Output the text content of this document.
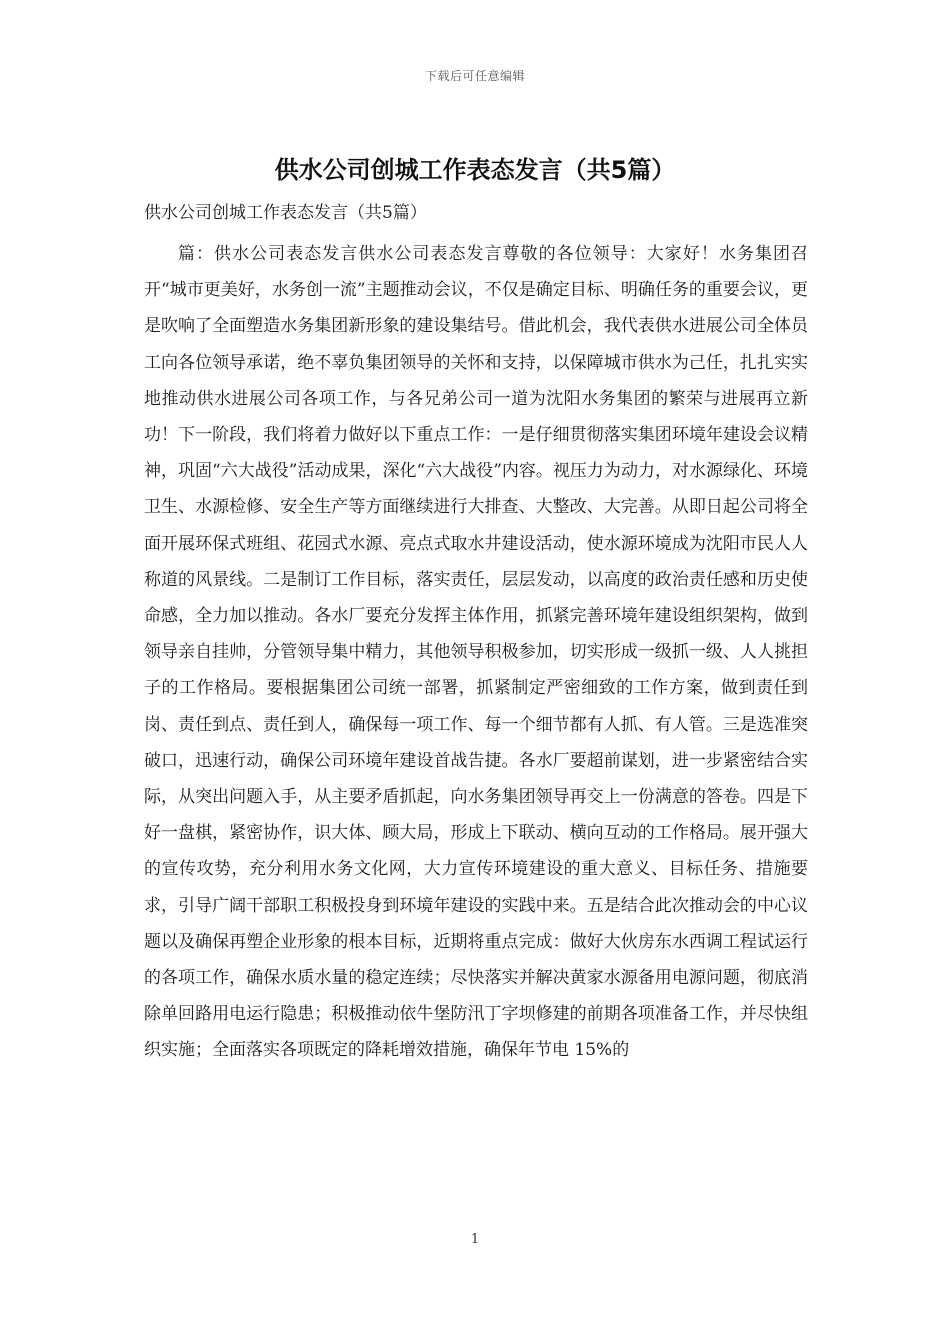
下载后可任意编辑
供水公司创城工作表态发言（共5篇）

供水公司创城工作表态发言（共5篇）

篇：供水公司表态发言供水公司表态发言尊敬的各位领导：大家好！水务集团召开“城市更美好，水务创一流”主题推动会议，不仅是确定目标、明确任务的重要会议，更是吹响了全面塑造水务集团新形象的建设集结号。借此机会，我代表供水进展公司全体员工向各位领导承诺，绝不辜负集团领导的关怀和支持，以保障城市供水为己任，扎扎实实地推动供水进展公司各项工作，与各兄弟公司一道为沈阳水务集团的繁荣与进展再立新功！下一阶段，我们将着力做好以下重点工作：一是仔细贯彻落实集团环境年建设会议精神，巩固“六大战役”活动成果，深化“六大战役”内容。视压力为动力，对水源绿化、环境卫生、水源检修、安全生产等方面继续进行大排查、大整改、大完善。从即日起公司将全面开展环保式班组、花园式水源、亮点式取水井建设活动，使水源环境成为沈阳市民人人称道的风景线。二是制订工作目标，落实责任，层层发动，以高度的政治责任感和历史使命感，全力加以推动。各水厂要充分发挥主体作用，抓紧完善环境年建设组织架构，做到领导亲自挂帅，分管领导集中精力，其他领导积极参加，切实形成一级抓一级、人人挑担子的工作格局。要根据集团公司统一部署，抓紧制定严密细致的工作方案，做到责任到岗、责任到点、责任到人，确保每一项工作、每一个细节都有人抓、有人管。三是选准突破口，迅速行动，确保公司环境年建设首战告捷。各水厂要超前谋划，进一步紧密结合实际，从突出问题入手，从主要矛盾抓起，向水务集团领导再交上一份满意的答卷。四是下好一盘棋，紧密协作，识大体、顾大局，形成上下联动、横向互动的工作格局。展开强大的宣传攻势，充分利用水务文化网，大力宣传环境建设的重大意义、目标任务、措施要求，引导广阔干部职工积极投身到环境年建设的实践中来。五是结合此次推动会的中心议题以及确保再塑企业形象的根本目标，近期将重点完成：做好大伙房东水西调工程试运行的各项工作，确保水质水量的稳定连续；尽快落实并解决黄家水源备用电源问题，彻底消除单回路用电运行隐患；积极推动依牛堡防汛丁字坝修建的前期各项准备工作，并尽快组织实施；全面落实各项既定的降耗增效措施，确保年节电 15%的

1
